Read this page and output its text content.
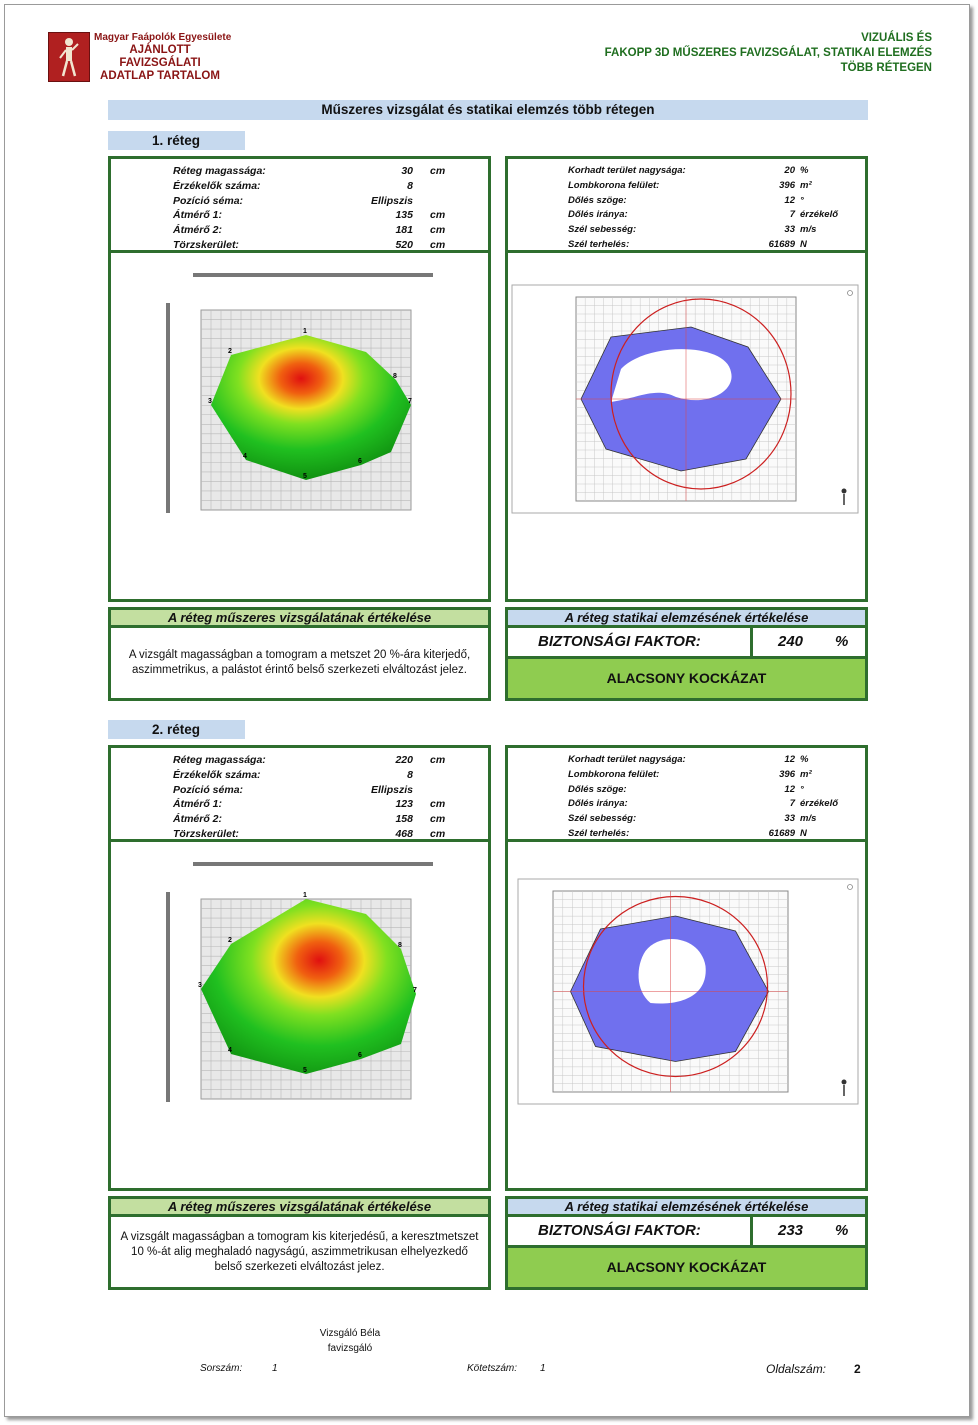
Magyar Faápolók Egyesülete
AJÁNLOTT
FAVIZSGÁLATI
ADATLAP TARTALOM
VIZUÁLIS ÉS
FAKOPP 3D MŰSZERES FAVIZSGÁLAT, STATIKAI ELEMZÉS
TÖBB RÉTEGEN
Műszeres vizsgálat és statikai elemzés több rétegen
1. réteg
Réteg magassága:	30 cm
Érzékelők száma:	8
Pozíció séma:	Ellipszis
Átmérő 1:	135 cm
Átmérő 2:	181 cm
Törzskerület:	520 cm
1
2
3
4
5
6
7
8
Korhadt terület nagysága:	20 %
Lombkorona felület:	396 m²
Dőlés szöge:	12 °
Dőlés iránya:	7 érzékelő
Szél sebesség:	33 m/s
Szél terhelés:	61689 N
A réteg műszeres vizsgálatának értékelése
A vizsgált magasságban a tomogram a metszet 20 %-ára kiterjedő, aszimmetrikus, a palástot érintő belső szerkezeti elváltozást jelez.
A réteg statikai elemzésének értékelése
BIZTONSÁGI FAKTOR:	240 %
ALACSONY KOCKÁZAT
2. réteg
Réteg magassága:	220 cm
Érzékelők száma:	8
Pozíció séma:	Ellipszis
Átmérő 1:	123 cm
Átmérő 2:	158 cm
Törzskerület:	468 cm
1
2
3
4
5
6
7
8
Korhadt terület nagysága:	12 %
Lombkorona felület:	396 m²
Dőlés szöge:	12 °
Dőlés iránya:	7 érzékelő
Szél sebesség:	33 m/s
Szél terhelés:	61689 N
A réteg műszeres vizsgálatának értékelése
A vizsgált magasságban a tomogram kis kiterjedésű, a keresztmetszet 10 %-át alig meghaladó nagyságú, aszimmetrikusan elhelyezkedő belső szerkezeti elváltozást jelez.
A réteg statikai elemzésének értékelése
BIZTONSÁGI FAKTOR:	233 %
ALACSONY KOCKÁZAT
Vizsgáló Béla
favizsgáló
Sorszám:	1	Kötetszám: 1	Oldalszám: 2
